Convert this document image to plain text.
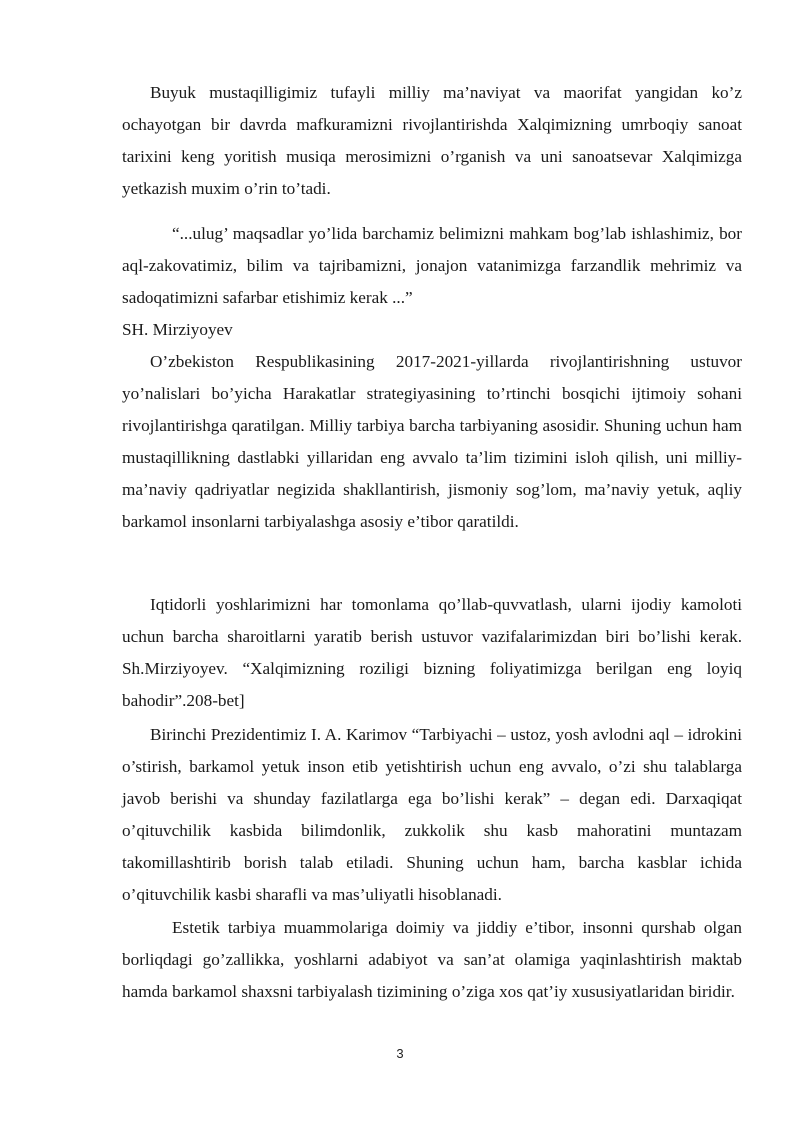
Buyuk mustaqilligimiz tufayli milliy ma’naviyat va maorifat yangidan ko’z ochayotgan bir davrda mafkuramizni rivojlantirishda Xalqimizning umrboqiy sanoat tarixini keng yoritish musiqa merosimizni o’rganish va uni sanoatsevar Xalqimizga yetkazish muxim o’rin to’tadi.

“...ulug’ maqsadlar yo’lida barchamiz belimizni mahkam bog’lab ishlashimiz, bor aql-zakovatimiz, bilim va tajribamizni, jonajon vatanimizga farzandlik mehrimiz va sadoqatimizni safarbar etishimiz kerak ...”

SH. Mirziyoyev

O’zbekiston Respublikasining 2017-2021-yillarda rivojlantirishning ustuvor yo’nalislari bo’yicha Harakatlar strategiyasining to’rtinchi bosqichi ijtimoiy sohani rivojlantirishga qaratilgan. Milliy tarbiya barcha tarbiyaning asosidir. Shuning uchun ham mustaqillikning dastlabki yillaridan eng avvalo ta’lim tizimini isloh qilish, uni milliy-ma’naviy qadriyatlar negizida shakllantirish, jismoniy sog’lom, ma’naviy yetuk, aqliy barkamol insonlarni tarbiyalashga asosiy e’tibor qaratildi.

Iqtidorli yoshlarimizni har tomonlama qo’llab-quvvatlash, ularni ijodiy kamoloti uchun barcha sharoitlarni yaratib berish ustuvor vazifalarimizdan biri bo’lishi kerak. Sh.Mirziyoyev. “Xalqimizning roziligi bizning foliyatimizga berilgan eng loyiq bahodir”.208-bet]

Birinchi Prezidentimiz I. A. Karimov “Tarbiyachi – ustoz, yosh avlodni aql – idrokini o’stirish, barkamol yetuk inson etib yetishtirish uchun eng avvalo, o’zi shu talablarga javob berishi va shunday fazilatlarga ega bo’lishi kerak” – degan edi. Darxaqiqat o’qituvchilik kasbida bilimdonlik, zukkolik shu kasb mahoratini muntazam takomillashtirib borish talab etiladi. Shuning uchun ham, barcha kasblar ichida o’qituvchilik kasbi sharafli va mas’uliyatli hisoblanadi.

Estetik tarbiya muammolariga doimiy va jiddiy e’tibor, insonni qurshab olgan borliqdagi go’zallikka, yoshlarni adabiyot va san’at olamiga yaqinlashtirish maktab hamda barkamol shaxsni tarbiyalash tizimining o’ziga xos qat’iy xususiyatlaridan biridir.

3
